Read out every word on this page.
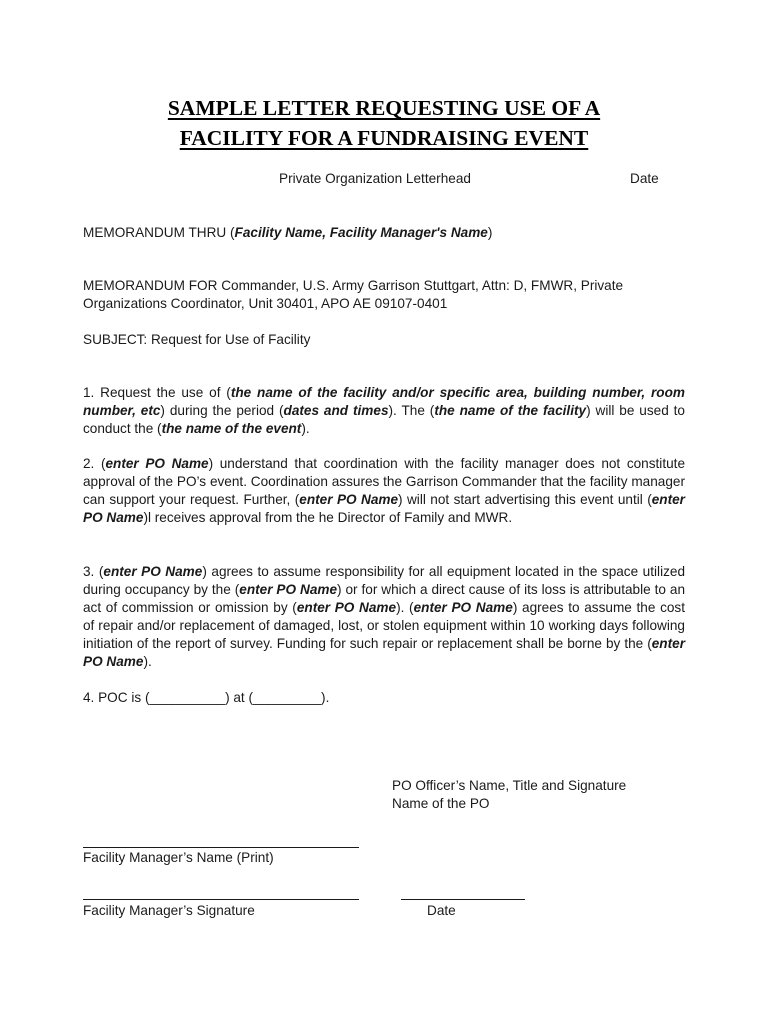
SAMPLE LETTER REQUESTING USE OF A
FACILITY FOR A FUNDRAISING EVENT
Private Organization Letterhead	Date
MEMORANDUM THRU (Facility Name, Facility Manager's Name)
MEMORANDUM FOR Commander, U.S. Army Garrison Stuttgart, Attn: D, FMWR, Private
Organizations Coordinator, Unit 30401, APO AE 09107-0401
SUBJECT: Request for Use of Facility
1. Request the use of (the name of the facility and/or specific area, building number, room number, etc) during the period (dates and times). The (the name of the facility) will be used to conduct the (the name of the event).
2. (enter PO Name) understand that coordination with the facility manager does not constitute approval of the PO’s event. Coordination assures the Garrison Commander that the facility manager can support your request. Further, (enter PO Name) will not start advertising this event until (enter PO Name)l receives approval from the he Director of Family and MWR.
3. (enter PO Name) agrees to assume responsibility for all equipment located in the space utilized during occupancy by the (enter PO Name) or for which a direct cause of its loss is attributable to an act of commission or omission by (enter PO Name). (enter PO Name) agrees to assume the cost of repair and/or replacement of damaged, lost, or stolen equipment within 10 working days following initiation of the report of survey. Funding for such repair or replacement shall be borne by the (enter PO Name).
4. POC is (__________) at (_________).
PO Officer’s Name, Title and Signature
Name of the PO
Facility Manager’s Name (Print)
Facility Manager’s Signature	Date
